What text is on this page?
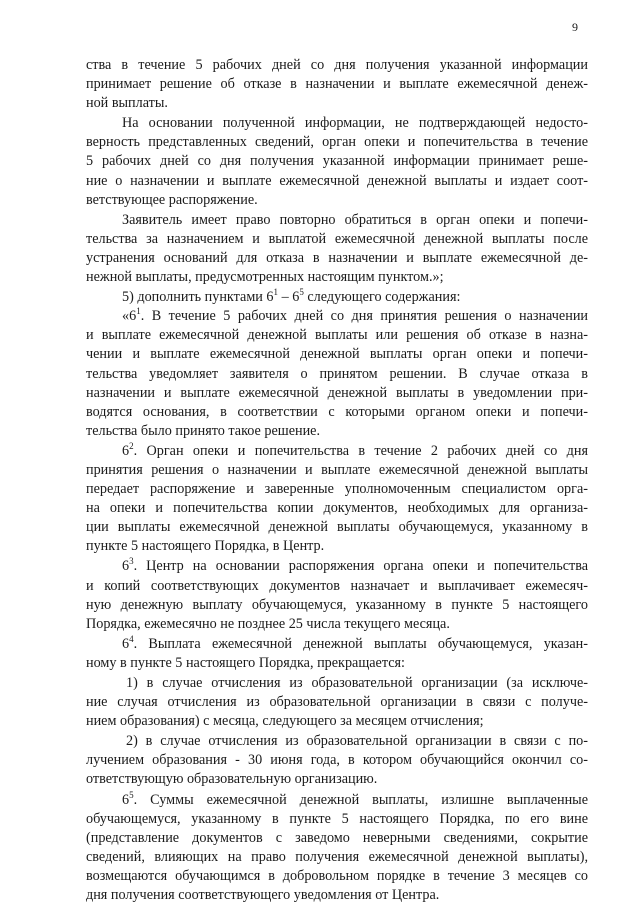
9
ства в течение 5 рабочих дней со дня получения указанной информации
принимает решение об отказе в назначении и выплате ежемесячной денеж-
ной выплаты.
На основании полученной информации, не подтверждающей недосто-
верность представленных сведений, орган опеки и попечительства в течение
5 рабочих дней со дня получения указанной информации принимает реше-
ние о назначении и выплате ежемесячной денежной выплаты и издает соот-
ветствующее распоряжение.
Заявитель имеет право повторно обратиться в орган опеки и попечи-
тельства за назначением и выплатой ежемесячной денежной выплаты после
устранения оснований для отказа в назначении и выплате ежемесячной де-
нежной выплаты, предусмотренных настоящим пунктом.»;
5) дополнить пунктами $6^1 - 6^5$ следующего содержания:
«$6^1$. В течение 5 рабочих дней со дня принятия решения о назначении
и выплате ежемесячной денежной выплаты или решения об отказе в назна-
чении и выплате ежемесячной денежной выплаты орган опеки и попечи-
тельства уведомляет заявителя о принятом решении. В случае отказа в
назначении и выплате ежемесячной денежной выплаты в уведомлении при-
водятся основания, в соответствии с которыми органом опеки и попечи-
тельства было принято такое решение.
$6^2$. Орган опеки и попечительства в течение 2 рабочих дней со дня
принятия решения о назначении и выплате ежемесячной денежной выплаты
передает распоряжение и заверенные уполномоченным специалистом орга-
на опеки и попечительства копии документов, необходимых для организа-
ции выплаты ежемесячной денежной выплаты обучающемуся, указанному в
пункте 5 настоящего Порядка, в Центр.
$6^3$. Центр на основании распоряжения органа опеки и попечительства
и копий соответствующих документов назначает и выплачивает ежемесяч-
ную денежную выплату обучающемуся, указанному в пункте 5 настоящего
Порядка, ежемесячно не позднее 25 числа текущего месяца.
$6^4$. Выплата ежемесячной денежной выплаты обучающемуся, указан-
ному в пункте 5 настоящего Порядка, прекращается:
1) в случае отчисления из образовательной организации (за исключе-
ние случая отчисления из образовательной организации в связи с получе-
нием образования) с месяца, следующего за месяцем отчисления;
2) в случае отчисления из образовательной организации в связи с по-
лучением образования - 30 июня года, в котором обучающийся окончил со-
ответствующую образовательную организацию.
$6^5$. Суммы ежемесячной денежной выплаты, излишне выплаченные
обучающемуся, указанному в пункте 5 настоящего Порядка, по его вине
(представление документов с заведомо неверными сведениями, сокрытие
сведений, влияющих на право получения ежемесячной денежной выплаты),
возмещаются обучающимся в добровольном порядке в течение 3 месяцев со
дня получения соответствующего уведомления от Центра.
